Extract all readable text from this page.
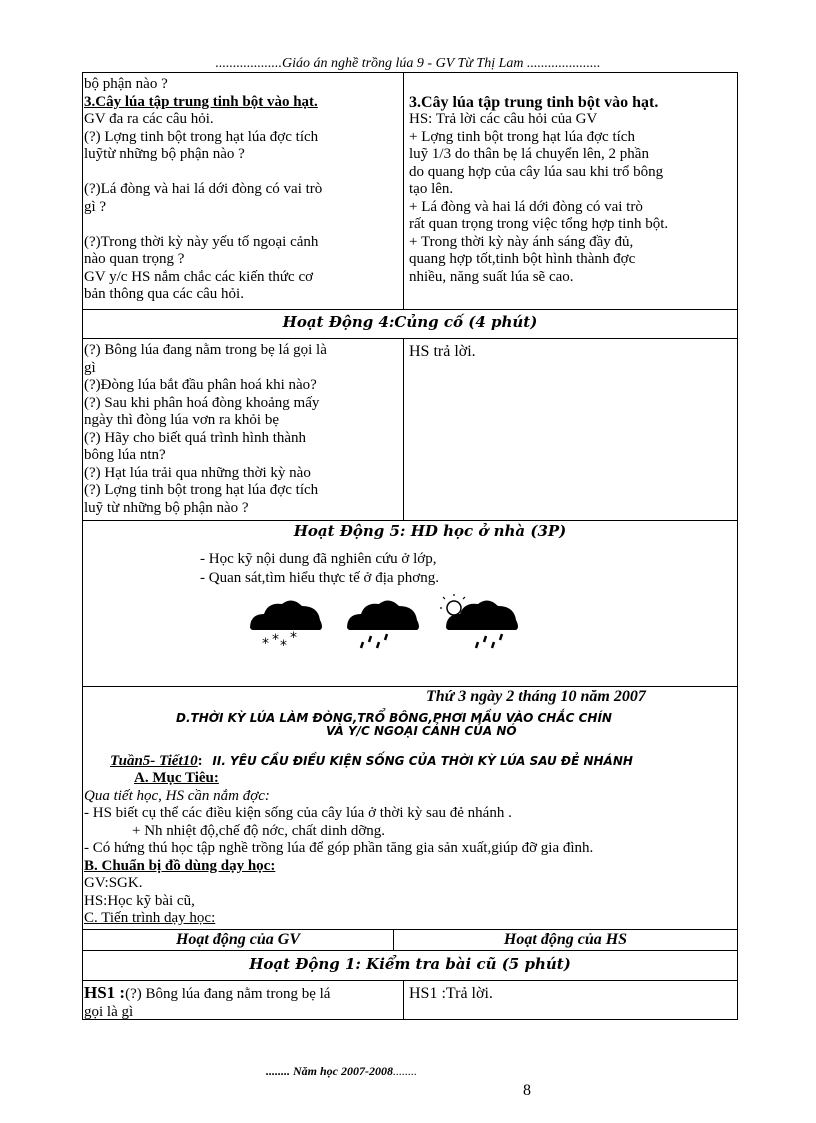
...................Giáo án nghề trồng lúa 9 - GV Từ Thị Lam .....................

bộ phận nào ?

3.Cây lúa tập trung tinh bột vào hạt.

GV đa ra các câu hỏi.

(?) Lợng tinh bột trong hạt lúa đợc tích

luỹtừ những bộ phận nào ?

(?)Lá đòng và hai lá dới đòng có vai trò

gì ?

(?)Trong thời kỳ này yếu tố ngoại cảnh

nào quan trọng ?

GV y/c HS nắm chắc các kiến thức cơ

bản thông qua các câu hỏi.

3.Cây lúa tập trung tinh bột vào hạt.

HS: Trả lời các câu hỏi của GV

+ Lợng tinh bột trong hạt lúa đợc tích

luỹ 1/3 do thân bẹ lá chuyển lên, 2 phần

do quang hợp của cây lúa sau khi trổ bông

tạo lên.

+ Lá đòng và hai lá dới đòng có vai trò

rất quan trọng trong việc tổng hợp tinh bột.

+ Trong thời kỳ này ánh sáng đầy đủ,

quang hợp tốt,tinh bột hình thành đợc

nhiều, năng suất lúa sẽ cao.

Hoạt Động 4:Củng cố (4 phút)

(?) Bông lúa đang nằm trong bẹ lá gọi là

gì

(?)Đòng lúa bắt đầu phân hoá khi nào?

(?) Sau khi phân hoá đòng khoảng mấy

ngày thì đòng lúa vơn ra khỏi bẹ

(?) Hãy cho biết quá trình hình thành

bông lúa ntn?

(?) Hạt lúa trải qua những thời kỳ nào

(?) Lợng tinh bột trong hạt lúa đợc tích

luỹ từ những bộ phận nào ?

HS trả lời.

Hoạt Động 5: HD học ở nhà (3P)

- Học kỹ nội dung đã nghiên cứu ở lớp,

- Quan sát,tìm hiểu thực tế ở địa phơng.

* * * *
Thứ 3 ngày 2 tháng 10 năm 2007
D.THỜI KỲ LÚA LÀM ĐÒNG,TRỔ BÔNG,PHƠI MẦU VÀO CHẮC CHÍN
VÀ Y/C NGOẠI CẢNH CỦA NÓ
Tuần5- Tiết10: II. YÊU CẦU ĐIỀU KIỆN SỐNG CỦA THỜI KỲ LÚA SAU ĐẺ NHÁNH

A. Mục Tiêu:

Qua tiết học, HS cần nắm đợc:

- HS biết cụ thể các điều kiện sống của cây lúa ở thời kỳ sau đẻ nhánh .

+ Nh nhiệt độ,chế độ nớc, chất dinh dỡng.

- Có hứng thú học tập nghề trồng lúa để góp phần tăng gia sản xuất,giúp đỡ gia đình.

B. Chuẩn bị đồ dùng dạy học:

GV:SGK.

HS:Học kỹ bài cũ,

C. Tiến trình dạy học:

Hoạt động của GV	Hoạt động của HS
Hoạt Động 1: Kiểm tra bài cũ (5 phút)

HS1 :(?) Bông lúa đang nằm trong bẹ lá

gọi là gì

HS1 :Trả lời.

........ Năm học 2007-2008........
8
